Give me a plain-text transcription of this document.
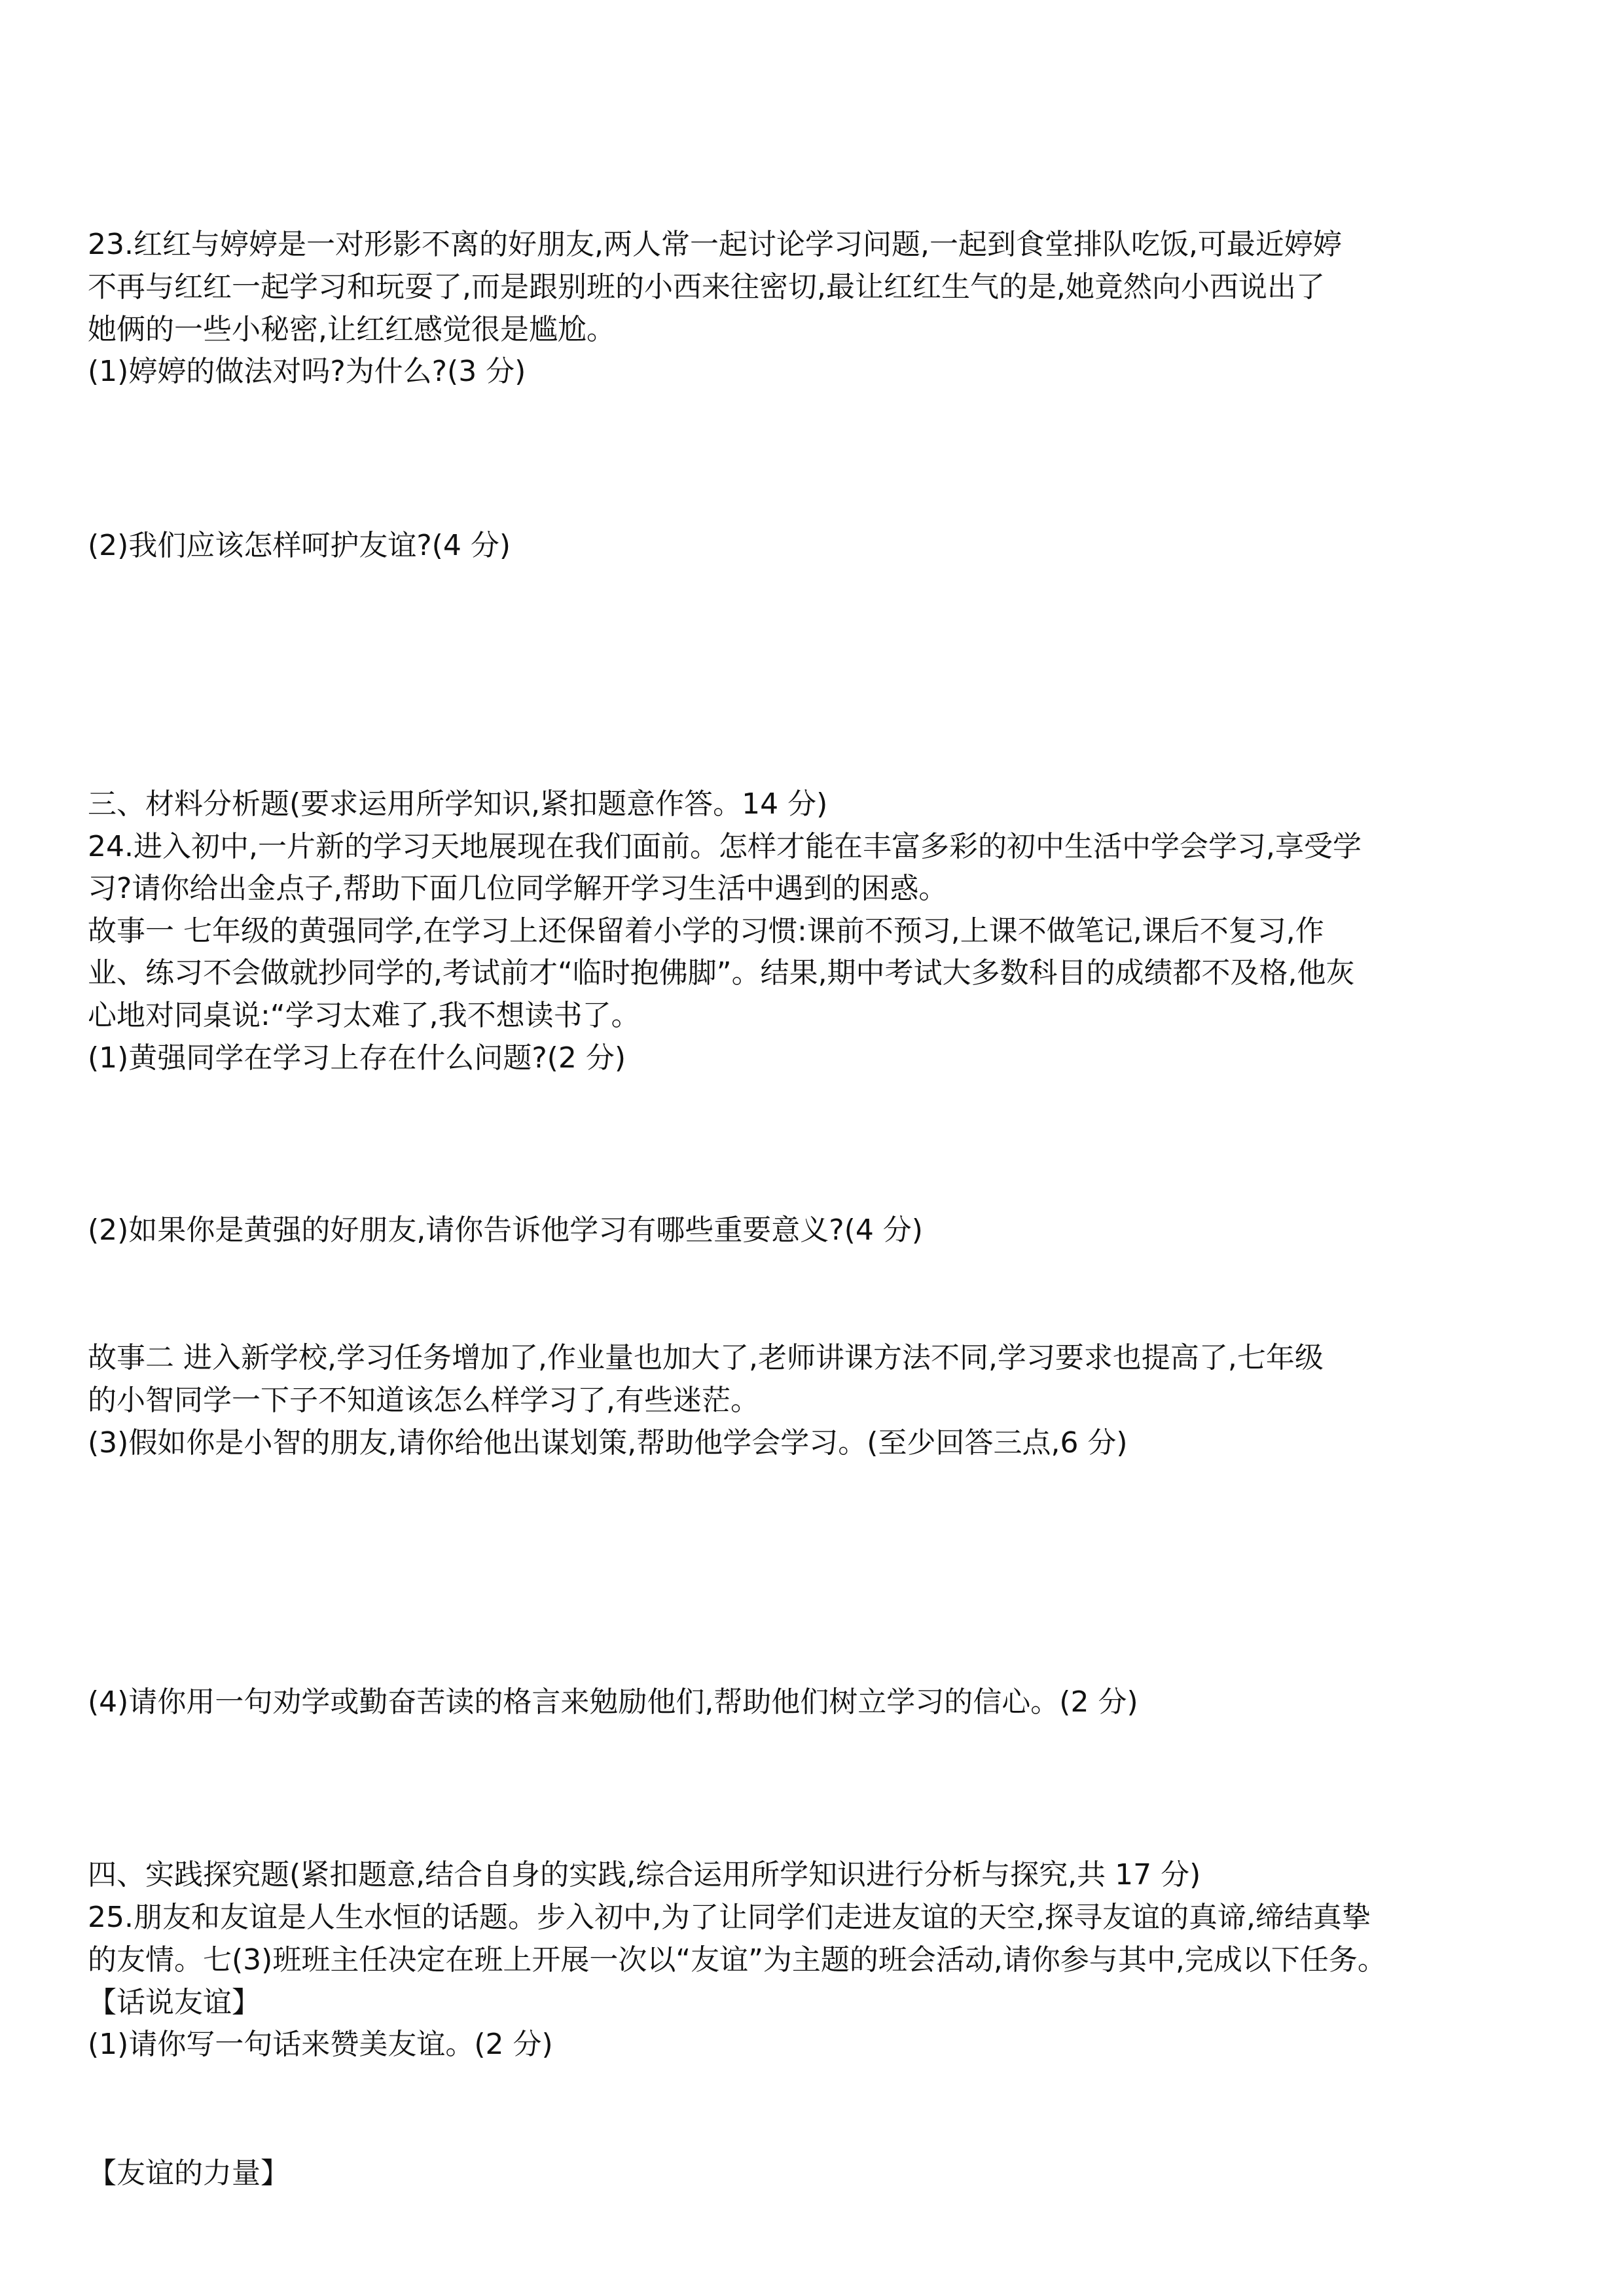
23.红红与婷婷是一对形影不离的好朋友,两人常一起讨论学习问题,一起到食堂排队吃饭,可最近婷婷
不再与红红一起学习和玩耍了,而是跟别班的小西来往密切,最让红红生气的是,她竟然向小西说出了
她俩的一些小秘密,让红红感觉很是尴尬。
(1)婷婷的做法对吗?为什么?(3 分)
(2)我们应该怎样呵护友谊?(4 分)
三、材料分析题(要求运用所学知识,紧扣题意作答。14 分)
24.进入初中,一片新的学习天地展现在我们面前。怎样才能在丰富多彩的初中生活中学会学习,享受学
习?请你给出金点子,帮助下面几位同学解开学习生活中遇到的困惑。
故事一 七年级的黄强同学,在学习上还保留着小学的习惯:课前不预习,上课不做笔记,课后不复习,作
业、练习不会做就抄同学的,考试前才“临时抱佛脚”。结果,期中考试大多数科目的成绩都不及格,他灰
心地对同桌说:“学习太难了,我不想读书了。
(1)黄强同学在学习上存在什么问题?(2 分)
(2)如果你是黄强的好朋友,请你告诉他学习有哪些重要意义?(4 分)
故事二 进入新学校,学习任务增加了,作业量也加大了,老师讲课方法不同,学习要求也提高了,七年级
的小智同学一下子不知道该怎么样学习了,有些迷茫。
(3)假如你是小智的朋友,请你给他出谋划策,帮助他学会学习。(至少回答三点,6 分)
(4)请你用一句劝学或勤奋苦读的格言来勉励他们,帮助他们树立学习的信心。(2 分)
四、实践探究题(紧扣题意,结合自身的实践,综合运用所学知识进行分析与探究,共 17 分)
25.朋友和友谊是人生水恒的话题。步入初中,为了让同学们走进友谊的天空,探寻友谊的真谛,缔结真挚
的友情。七(3)班班主任决定在班上开展一次以“友谊”为主题的班会活动,请你参与其中,完成以下任务。
【话说友谊】
(1)请你写一句话来赞美友谊。(2 分)
【友谊的力量】
